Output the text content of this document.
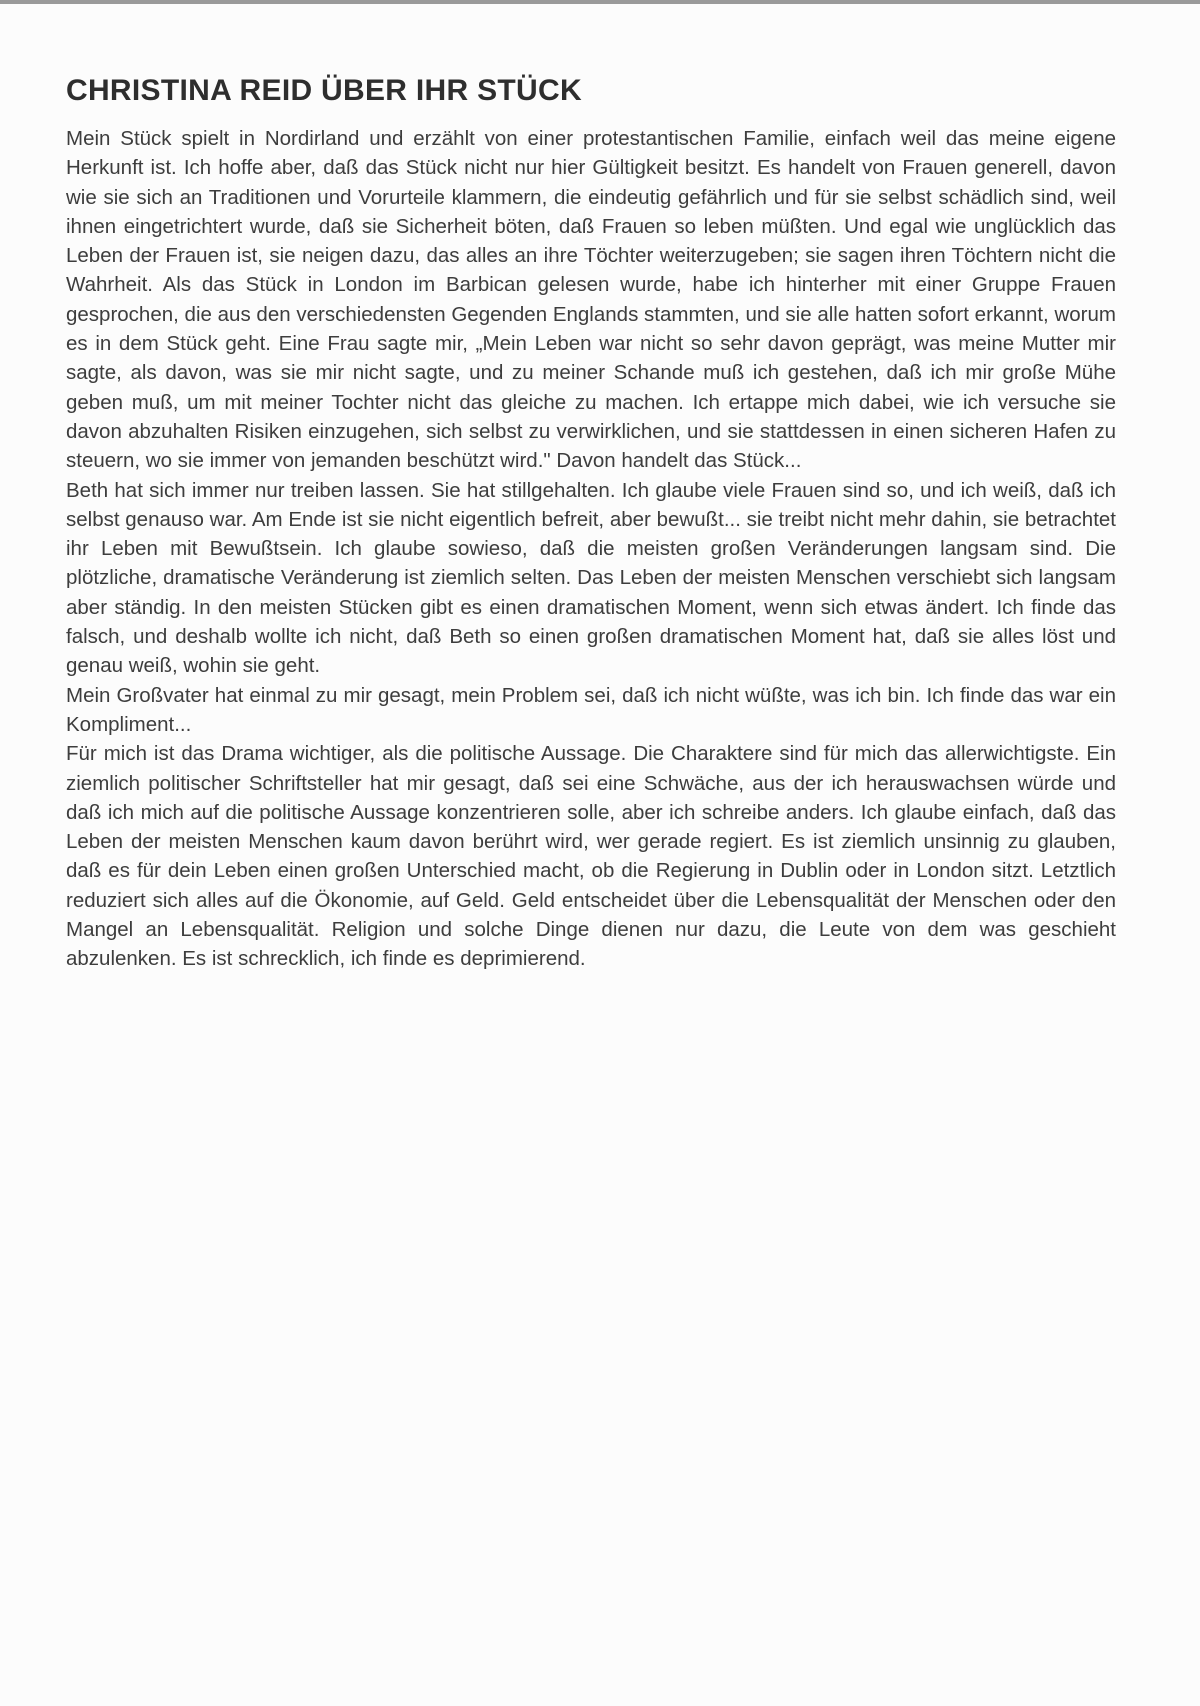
CHRISTINA REID ÜBER IHR STÜCK

Mein Stück spielt in Nordirland und erzählt von einer protestantischen Familie, einfach weil das meine eigene Herkunft ist. Ich hoffe aber, daß das Stück nicht nur hier Gültigkeit besitzt. Es handelt von Frauen generell, davon wie sie sich an Traditionen und Vorurteile klammern, die eindeutig gefährlich und für sie selbst schädlich sind, weil ihnen eingetrichtert wurde, daß sie Sicherheit böten, daß Frauen so leben müßten. Und egal wie unglücklich das Leben der Frauen ist, sie neigen dazu, das alles an ihre Töchter weiterzugeben; sie sagen ihren Töchtern nicht die Wahrheit. Als das Stück in London im Barbican gelesen wurde, habe ich hinterher mit einer Gruppe Frauen gesprochen, die aus den verschiedensten Gegenden Englands stammten, und sie alle hatten sofort erkannt, worum es in dem Stück geht. Eine Frau sagte mir, „Mein Leben war nicht so sehr davon geprägt, was meine Mutter mir sagte, als davon, was sie mir nicht sagte, und zu meiner Schande muß ich gestehen, daß ich mir große Mühe geben muß, um mit meiner Tochter nicht das gleiche zu machen. Ich ertappe mich dabei, wie ich versuche sie davon abzuhalten Risiken einzugehen, sich selbst zu verwirklichen, und sie stattdessen in einen sicheren Hafen zu steuern, wo sie immer von jemanden beschützt wird." Davon handelt das Stück...

Beth hat sich immer nur treiben lassen. Sie hat stillgehalten. Ich glaube viele Frauen sind so, und ich weiß, daß ich selbst genauso war. Am Ende ist sie nicht eigentlich befreit, aber bewußt... sie treibt nicht mehr dahin, sie betrachtet ihr Leben mit Bewußtsein. Ich glaube sowieso, daß die meisten großen Veränderungen langsam sind. Die plötzliche, dramatische Veränderung ist ziemlich selten. Das Leben der meisten Menschen verschiebt sich langsam aber ständig. In den meisten Stücken gibt es einen dramatischen Moment, wenn sich etwas ändert. Ich finde das falsch, und deshalb wollte ich nicht, daß Beth so einen großen dramatischen Moment hat, daß sie alles löst und genau weiß, wohin sie geht.

Mein Großvater hat einmal zu mir gesagt, mein Problem sei, daß ich nicht wüßte, was ich bin. Ich finde das war ein Kompliment...

Für mich ist das Drama wichtiger, als die politische Aussage. Die Charaktere sind für mich das allerwichtigste. Ein ziemlich politischer Schriftsteller hat mir gesagt, daß sei eine Schwäche, aus der ich herauswachsen würde und daß ich mich auf die politische Aussage konzentrieren solle, aber ich schreibe anders. Ich glaube einfach, daß das Leben der meisten Menschen kaum davon berührt wird, wer gerade regiert. Es ist ziemlich unsinnig zu glauben, daß es für dein Leben einen großen Unterschied macht, ob die Regierung in Dublin oder in London sitzt. Letztlich reduziert sich alles auf die Ökonomie, auf Geld. Geld entscheidet über die Lebensqualität der Menschen oder den Mangel an Lebensqualität. Religion und solche Dinge dienen nur dazu, die Leute von dem was geschieht abzulenken. Es ist schrecklich, ich finde es deprimierend.
